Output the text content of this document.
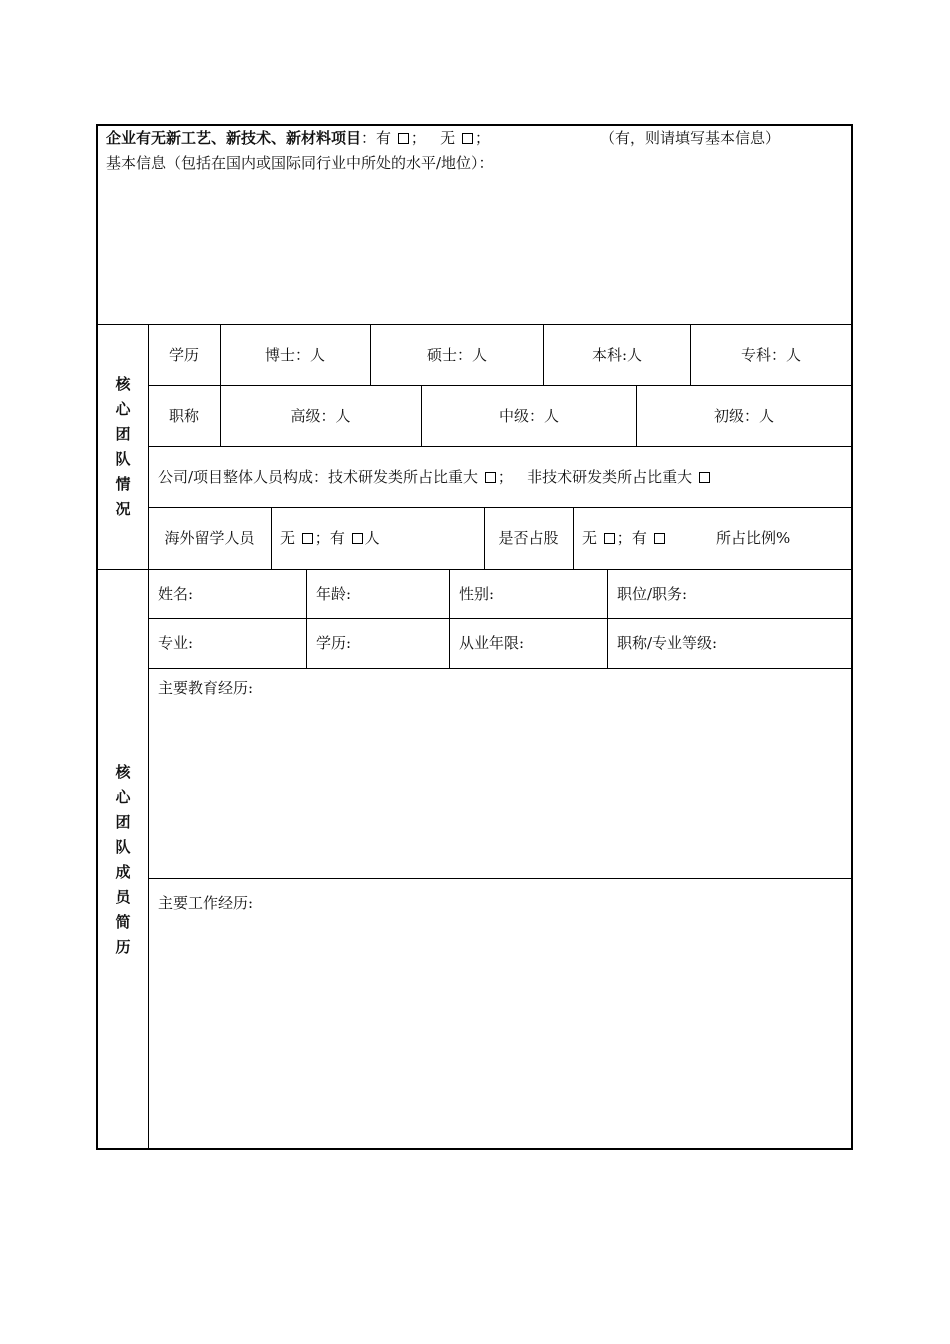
企业有无新工艺、新技术、新材料项目：有 ； 无 ；	（有，则请填写基本信息）
基本信息（包括在国内或国际同行业中所处的水平/地位）：
核
心
团
队
情
况
学历	博士：人	硕士：人	本科:人	专科：人
职称	高级：人	中级：人	初级：人
公司/项目整体人员构成：技术研发类所占比重大 ； 非技术研发类所占比重大
海外留学人员	无 ；有 人	是否占股	无 ；有	所占比例%
核
心
团
队
成
员
简
历
姓名:	年龄:	性别:	职位/职务:
专业:	学历:	从业年限:	职称/专业等级:
主要教育经历:
主要工作经历:
